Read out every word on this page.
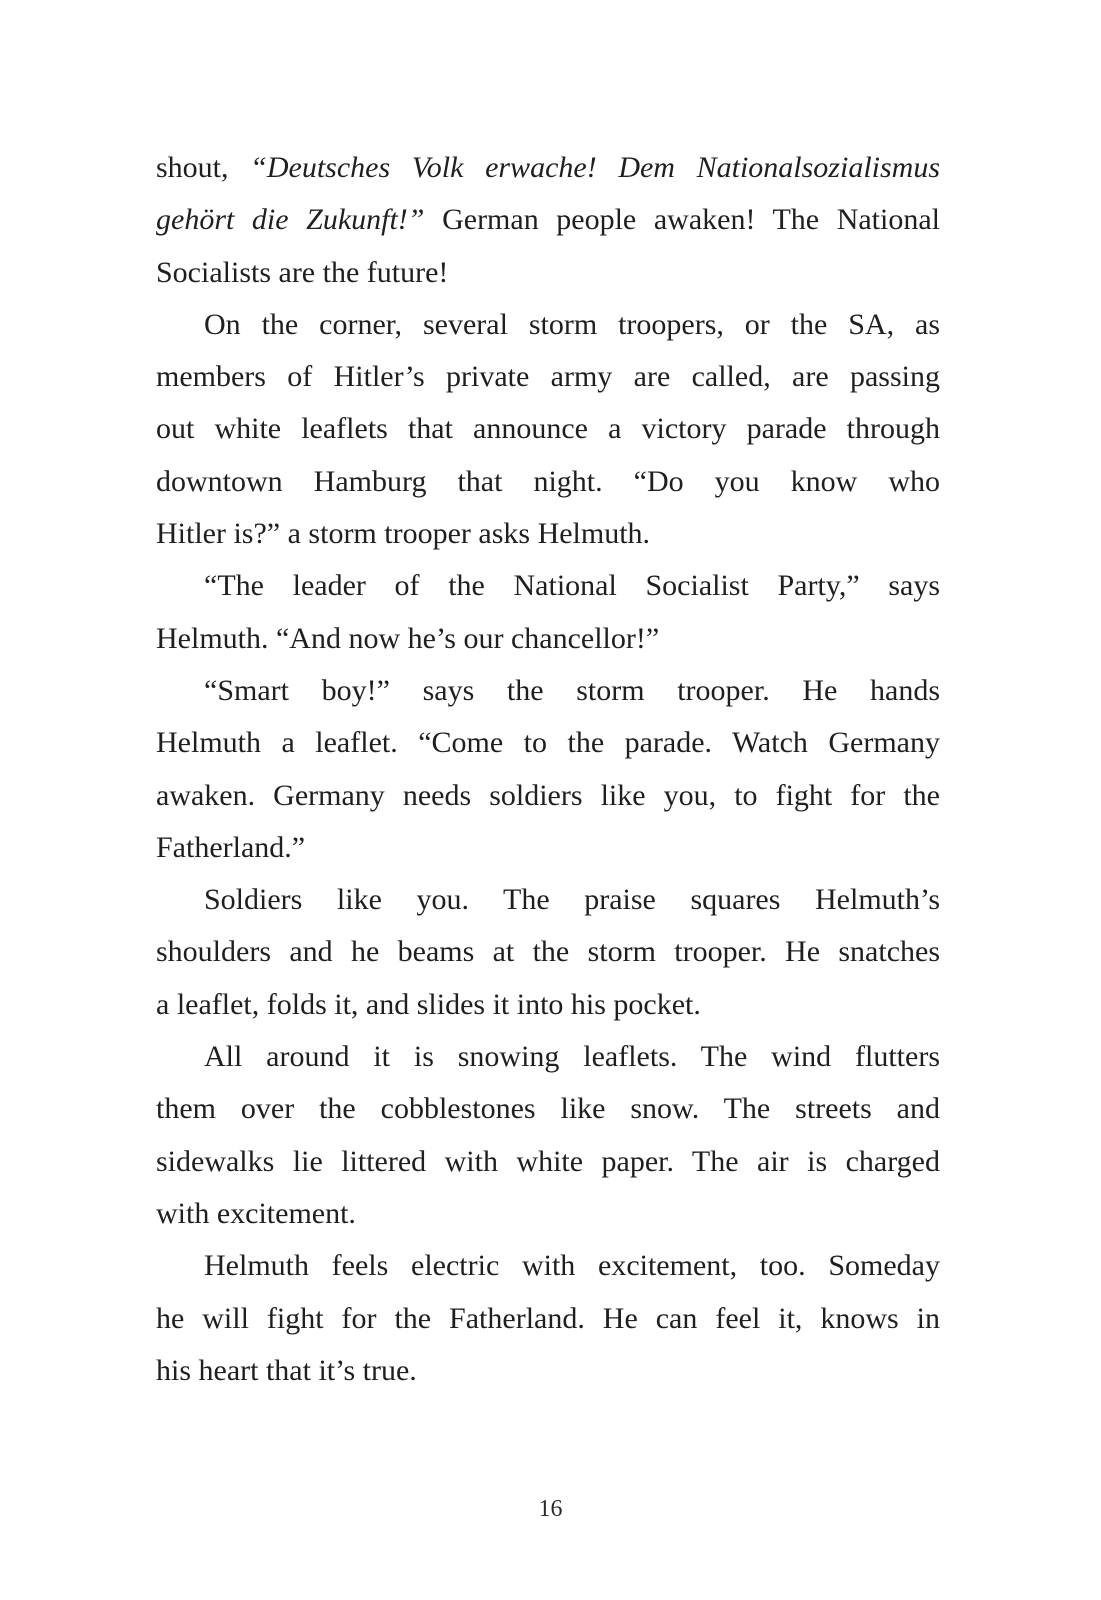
shout, “Deutsches Volk erwache! Dem Nationalsozialismus
gehört die Zukunft!” German people awaken! The National
Socialists are the future!
On the corner, several storm troopers, or the SA, as
members of Hitler’s private army are called, are passing
out white leaflets that announce a victory parade through
downtown Hamburg that night. “Do you know who
Hitler is?” a storm trooper asks Helmuth.
“The leader of the National Socialist Party,” says
Helmuth. “And now he’s our chancellor!”
“Smart boy!” says the storm trooper. He hands
Helmuth a leaflet. “Come to the parade. Watch Germany
awaken. Germany needs soldiers like you, to fight for the
Fatherland.”
Soldiers like you. The praise squares Helmuth’s
shoulders and he beams at the storm trooper. He snatches
a leaflet, folds it, and slides it into his pocket.
All around it is snowing leaflets. The wind flutters
them over the cobblestones like snow. The streets and
sidewalks lie littered with white paper. The air is charged
with excitement.
Helmuth feels electric with excitement, too. Someday
he will fight for the Fatherland. He can feel it, knows in
his heart that it’s true.
16
